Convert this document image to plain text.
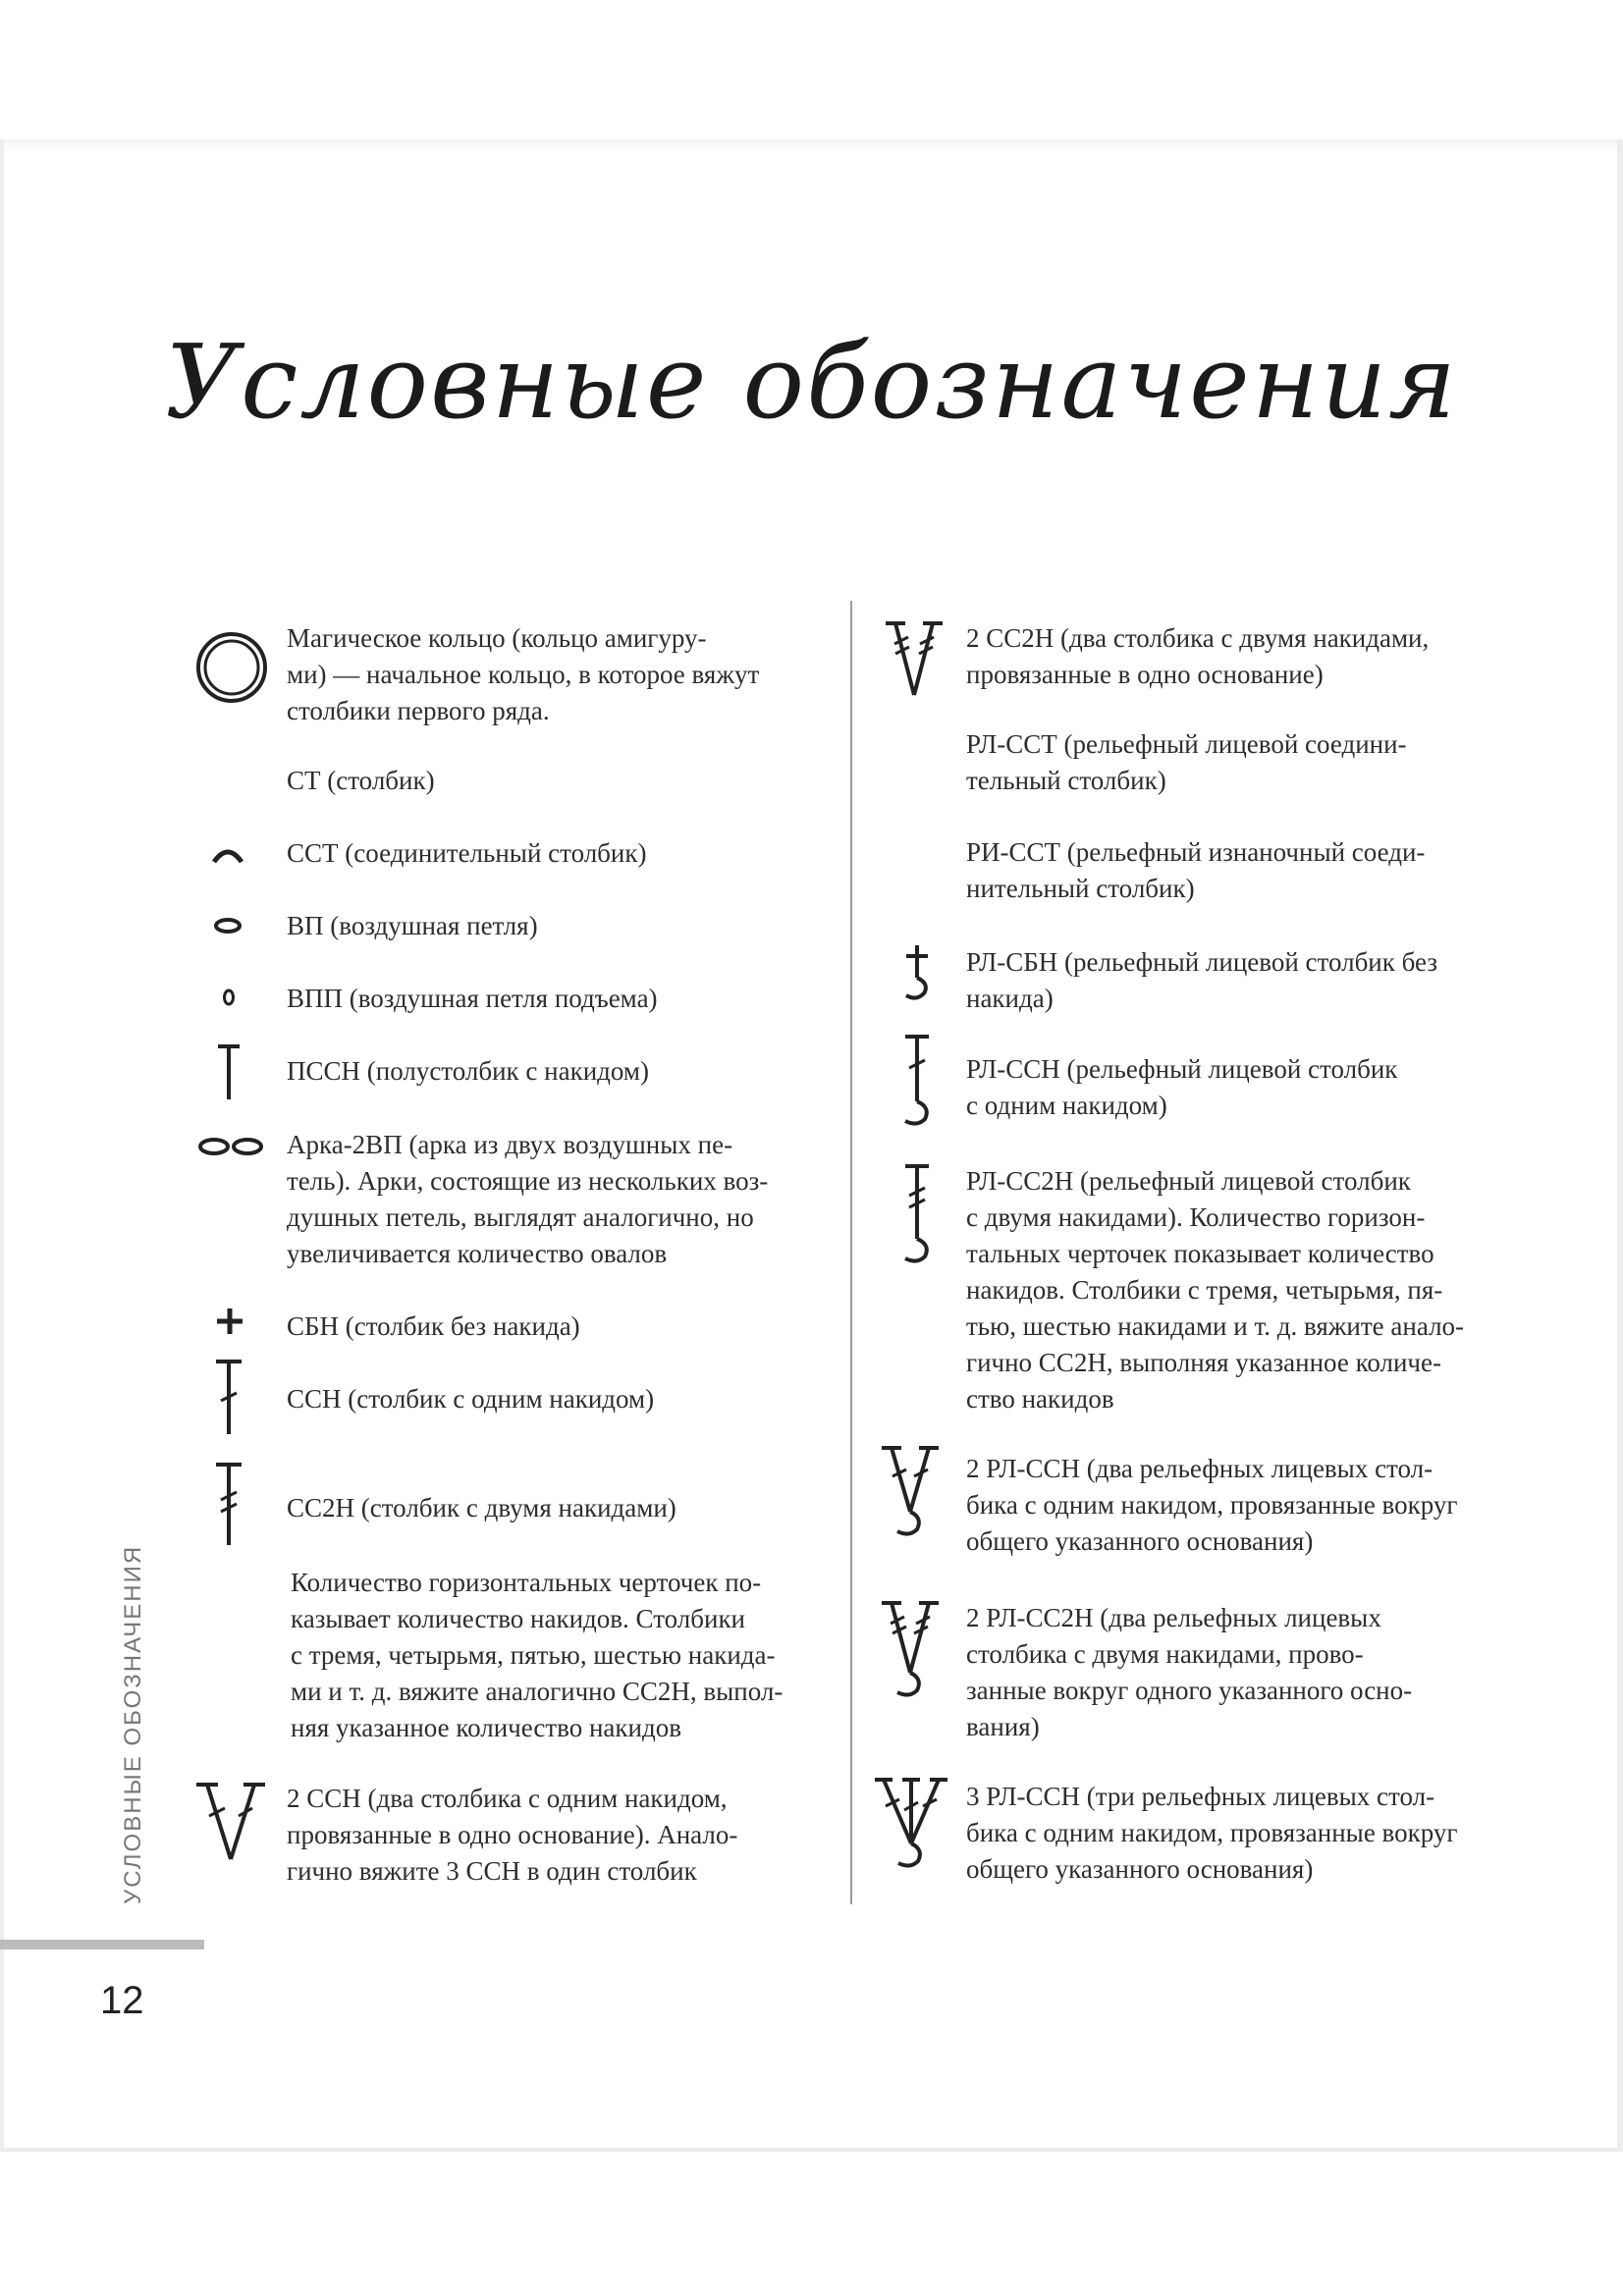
Условные обозначения
Магическое кольцо (кольцо амигуру-
ми) — начальное кольцо, в которое вяжут
столбики первого ряда.
СТ (столбик)
ССТ (соединительный столбик)
ВП (воздушная петля)
ВПП (воздушная петля подъема)
ПССН (полустолбик с накидом)
Арка-2ВП (арка из двух воздушных пе-
тель). Арки, состоящие из нескольких воз-
душных петель, выглядят аналогично, но
увеличивается количество овалов
СБН (столбик без накида)
ССН (столбик с одним накидом)
СС2Н (столбик с двумя накидами)
Количество горизонтальных черточек по-
казывает количество накидов. Столбики
с тремя, четырьмя, пятью, шестью накида-
ми и т. д. вяжите аналогично СС2Н, выпол-
няя указанное количество накидов
2 ССН (два столбика с одним накидом,
провязанные в одно основание). Анало-
гично вяжите 3 ССН в один столбик
2 СС2Н (два столбика с двумя накидами,
провязанные в одно основание)
РЛ-ССТ (рельефный лицевой соедини-
тельный столбик)
РИ-ССТ (рельефный изнаночный соеди-
нительный столбик)
РЛ-СБН (рельефный лицевой столбик без
накида)
РЛ-ССН (рельефный лицевой столбик
с одним накидом)
РЛ-СС2Н (рельефный лицевой столбик
с двумя накидами). Количество горизон-
тальных черточек показывает количество
накидов. Столбики с тремя, четырьмя, пя-
тью, шестью накидами и т. д. вяжите анало-
гично СС2Н, выполняя указанное количе-
ство накидов
2 РЛ-ССН (два рельефных лицевых стол-
бика с одним накидом, провязанные вокруг
общего указанного основания)
2 РЛ-СС2Н (два рельефных лицевых
столбика с двумя накидами, прово-
занные вокруг одного указанного осно-
вания)
3 РЛ-ССН (три рельефных лицевых стол-
бика с одним накидом, провязанные вокруг
общего указанного основания)
УСЛОВНЫЕ ОБОЗНАЧЕНИЯ
12
